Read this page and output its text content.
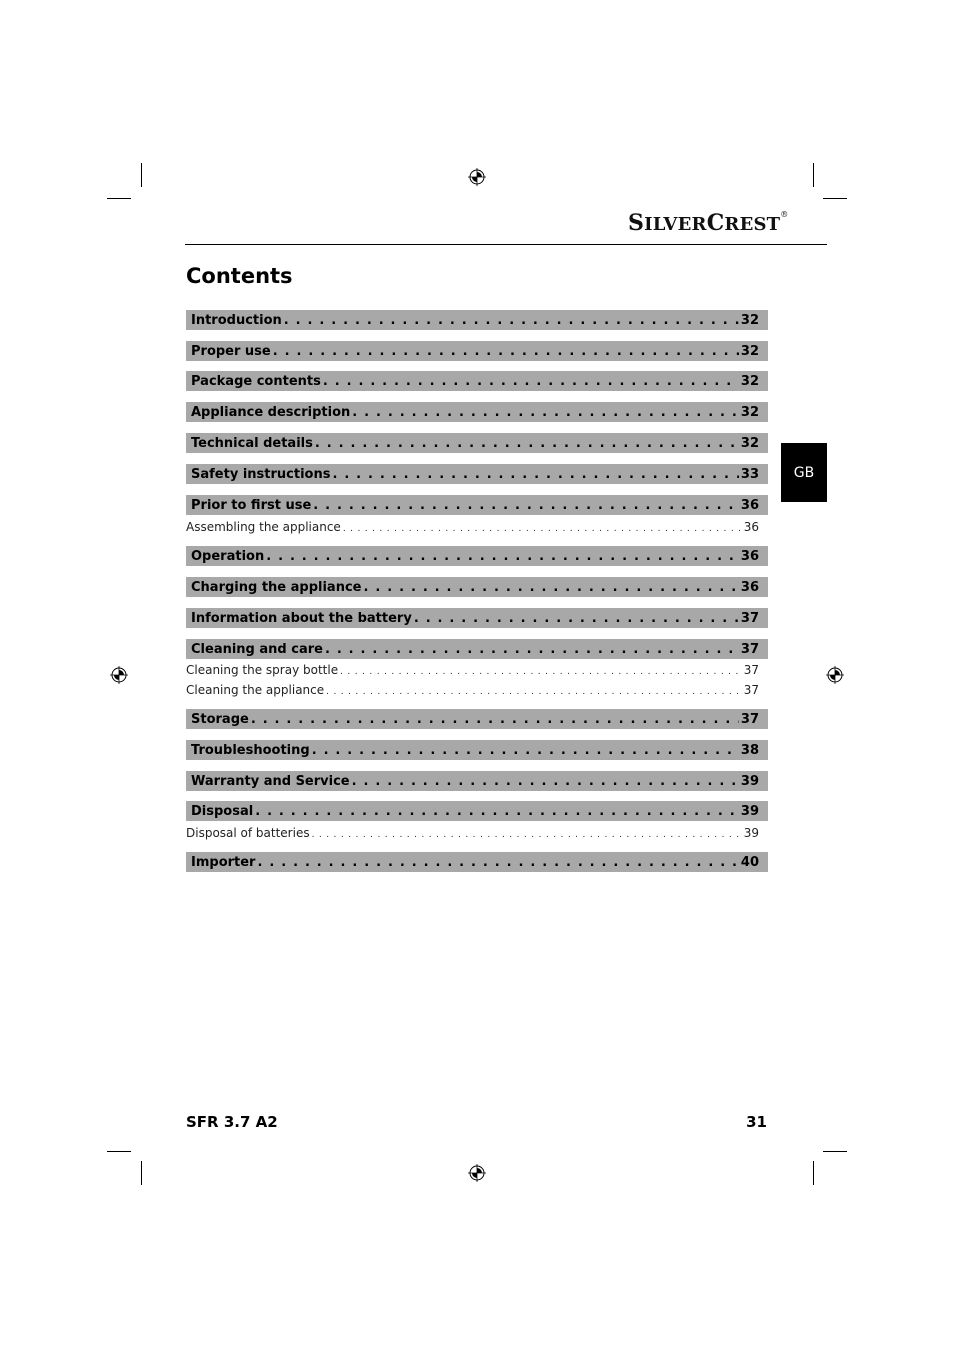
SILVERCREST®
Contents
Introduction . . .	32
Proper use . . .	32
Package contents . . .	32
Appliance description . . .	32
Technical details . . .	32
Safety instructions . . .	33
Prior to first use . . .	36
Assembling the appliance . . .	36
Operation . . .	36
Charging the appliance . . .	36
Information about the battery . . .	37
Cleaning and care . . .	37
Cleaning the spray bottle . . .	37
Cleaning the appliance . . .	37
Storage . . .	37
Troubleshooting . . .	38
Warranty and Service . . .	39
Disposal . . .	39
Disposal of batteries . . .	39
Importer . . .	40
GB
SFR 3.7 A2	31
